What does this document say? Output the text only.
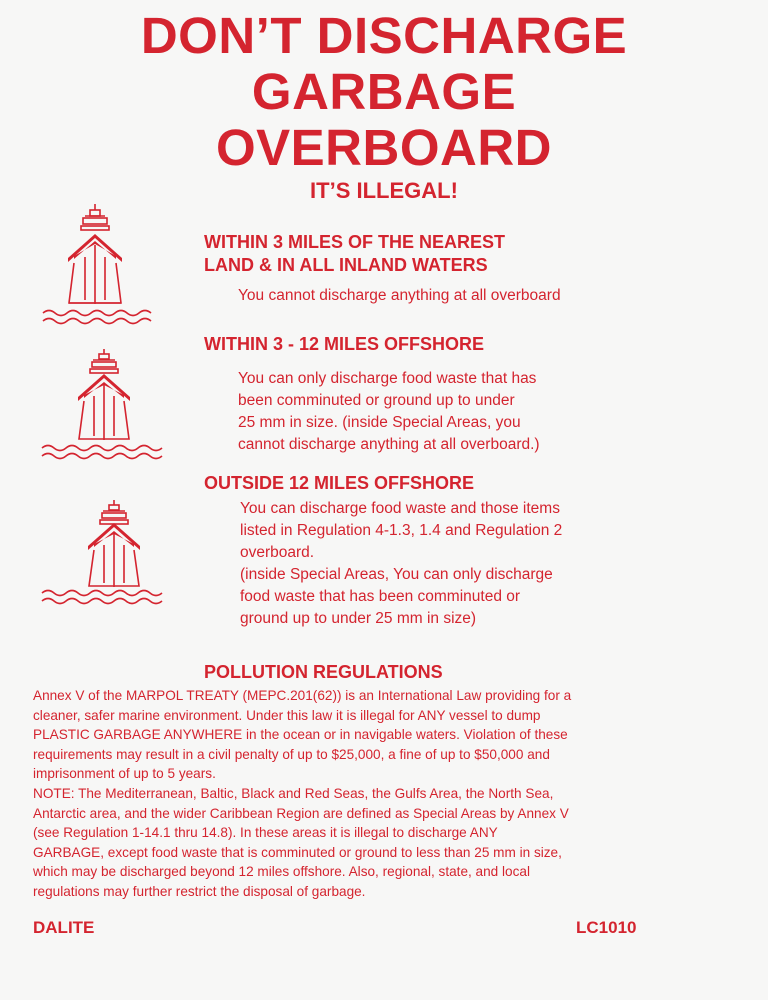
DON’T DISCHARGE
GARBAGE
OVERBOARD
IT’S ILLEGAL!
WITHIN 3 MILES OF THE NEAREST
LAND & IN ALL INLAND WATERS
You cannot discharge anything at all overboard
WITHIN 3 - 12 MILES OFFSHORE
You can only discharge food waste that has
been comminuted or ground up to under
25 mm in size. (inside Special Areas, you
cannot discharge anything at all overboard.)
OUTSIDE 12 MILES OFFSHORE
You can discharge food waste and those items
listed in Regulation 4-1.3, 1.4 and Regulation 2
overboard.
(inside Special Areas, You can only discharge
food waste that has been comminuted or
ground up to under 25 mm in size)
POLLUTION REGULATIONS

Annex V of the MARPOL TREATY (MEPC.201(62)) is an International Law providing for a
cleaner, safer marine environment. Under this law it is illegal for ANY vessel to dump
PLASTIC GARBAGE ANYWHERE in the ocean or in navigable waters. Violation of these
requirements may result in a civil penalty of up to $25,000, a fine of up to $50,000 and
imprisonment of up to 5 years.

NOTE: The Mediterranean, Baltic, Black and Red Seas, the Gulfs Area, the North Sea,
Antarctic area, and the wider Caribbean Region are defined as Special Areas by Annex V
(see Regulation 1-14.1 thru 14.8). In these areas it is illegal to discharge ANY
GARBAGE, except food waste that is comminuted or ground to less than 25 mm in size,
which may be discharged beyond 12 miles offshore. Also, regional, state, and local
regulations may further restrict the disposal of garbage.

DALITE	LC1010
